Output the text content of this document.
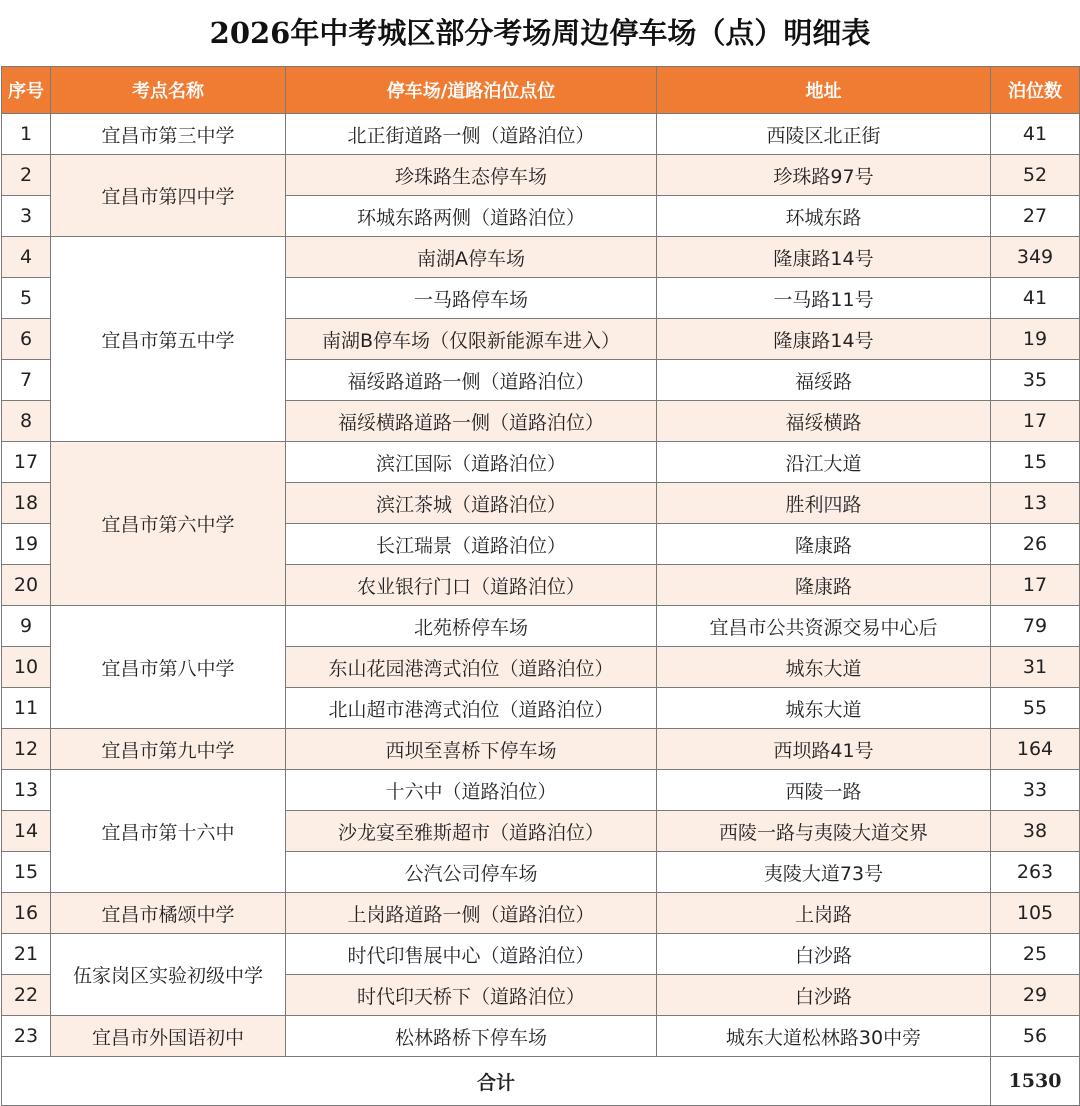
2026年中考城区部分考场周边停车场（点）明细表
序号	考点名称	停车场/道路泊位点位	地址	泊位数
1	宜昌市第三中学	北正街道路一侧（道路泊位）	西陵区北正街	41
2	宜昌市第四中学	珍珠路生态停车场	珍珠路97号	52
3		环城东路两侧（道路泊位）	环城东路	27
4	宜昌市第五中学	南湖A停车场	隆康路14号	349
5		一马路停车场	一马路11号	41
6		南湖B停车场（仅限新能源车进入）	隆康路14号	19
7		福绥路道路一侧（道路泊位）	福绥路	35
8		福绥横路道路一侧（道路泊位）	福绥横路	17
17	宜昌市第六中学	滨江国际（道路泊位）	沿江大道	15
18		滨江茶城（道路泊位）	胜利四路	13
19		长江瑞景（道路泊位）	隆康路	26
20		农业银行门口（道路泊位）	隆康路	17
9	宜昌市第八中学	北苑桥停车场	宜昌市公共资源交易中心后	79
10		东山花园港湾式泊位（道路泊位）	城东大道	31
11		北山超市港湾式泊位（道路泊位）	城东大道	55
12	宜昌市第九中学	西坝至喜桥下停车场	西坝路41号	164
13	宜昌市第十六中	十六中（道路泊位）	西陵一路	33
14		沙龙宴至雅斯超市（道路泊位）	西陵一路与夷陵大道交界	38
15		公汽公司停车场	夷陵大道73号	263
16	宜昌市橘颂中学	上岗路道路一侧（道路泊位）	上岗路	105
21	伍家岗区实验初级中学	时代印售展中心（道路泊位）	白沙路	25
22		时代印天桥下（道路泊位）	白沙路	29
23	宜昌市外国语初中	松林路桥下停车场	城东大道松林路30中旁	56
合计				1530
